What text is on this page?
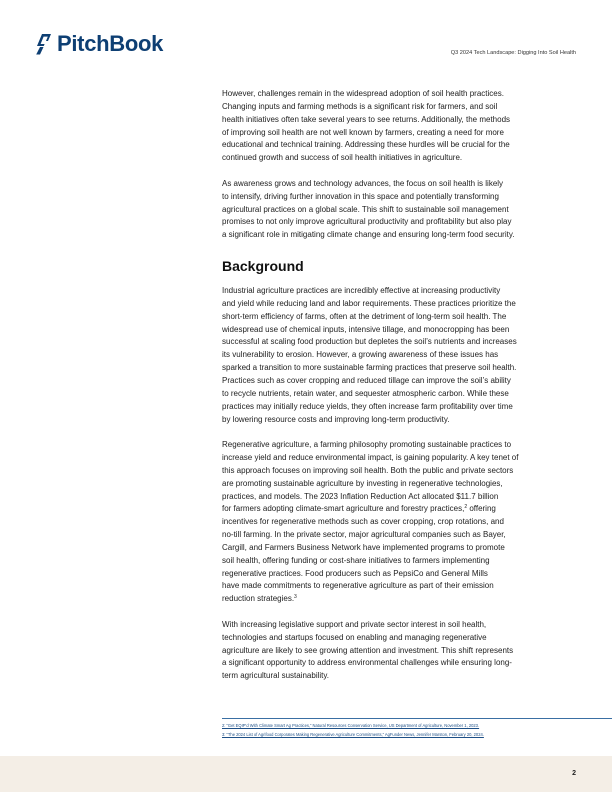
PitchBook	Q3 2024 Tech Landscape: Digging Into Soil Health

However, challenges remain in the widespread adoption of soil health practices.
Changing inputs and farming methods is a significant risk for farmers, and soil
health initiatives often take several years to see returns. Additionally, the methods
of improving soil health are not well known by farmers, creating a need for more
educational and technical training. Addressing these hurdles will be crucial for the
continued growth and success of soil health initiatives in agriculture.

As awareness grows and technology advances, the focus on soil health is likely
to intensify, driving further innovation in this space and potentially transforming
agricultural practices on a global scale. This shift to sustainable soil management
promises to not only improve agricultural productivity and profitability but also play
a significant role in mitigating climate change and ensuring long-term food security.

Background

Industrial agriculture practices are incredibly effective at increasing productivity
and yield while reducing land and labor requirements. These practices prioritize the
short-term efficiency of farms, often at the detriment of long-term soil health. The
widespread use of chemical inputs, intensive tillage, and monocropping has been
successful at scaling food production but depletes the soil’s nutrients and increases
its vulnerability to erosion. However, a growing awareness of these issues has
sparked a transition to more sustainable farming practices that preserve soil health.
Practices such as cover cropping and reduced tillage can improve the soil’s ability
to recycle nutrients, retain water, and sequester atmospheric carbon. While these
practices may initially reduce yields, they often increase farm profitability over time
by lowering resource costs and improving long-term productivity.

Regenerative agriculture, a farming philosophy promoting sustainable practices to
increase yield and reduce environmental impact, is gaining popularity. A key tenet of
this approach focuses on improving soil health. Both the public and private sectors
are promoting sustainable agriculture by investing in regenerative technologies,
practices, and models. The 2023 Inflation Reduction Act allocated $11.7 billion
for farmers adopting climate-smart agriculture and forestry practices,$^2$ offering
incentives for regenerative methods such as cover cropping, crop rotations, and
no-till farming. In the private sector, major agricultural companies such as Bayer,
Cargill, and Farmers Business Network have implemented programs to promote
soil health, offering funding or cost-share initiatives to farmers implementing
regenerative practices. Food producers such as PepsiCo and General Mills
have made commitments to regenerative agriculture as part of their emission
reduction strategies.$^3$

With increasing legislative support and private sector interest in soil health,
technologies and startups focused on enabling and managing regenerative
agriculture are likely to see growing attention and investment. This shift represents
a significant opportunity to address environmental challenges while ensuring long-
term agricultural sustainability.

2: “Get EQIP’d With Climate Smart Ag Practices,” Natural Resources Conservation Service, US Department of Agriculture, November 1, 2023.
3: “The 2024 List of Agrifood Corporates Making Regenerative Agriculture Commitments,” AgFunder News, Jennifer Marston, February 20, 2024.
2
